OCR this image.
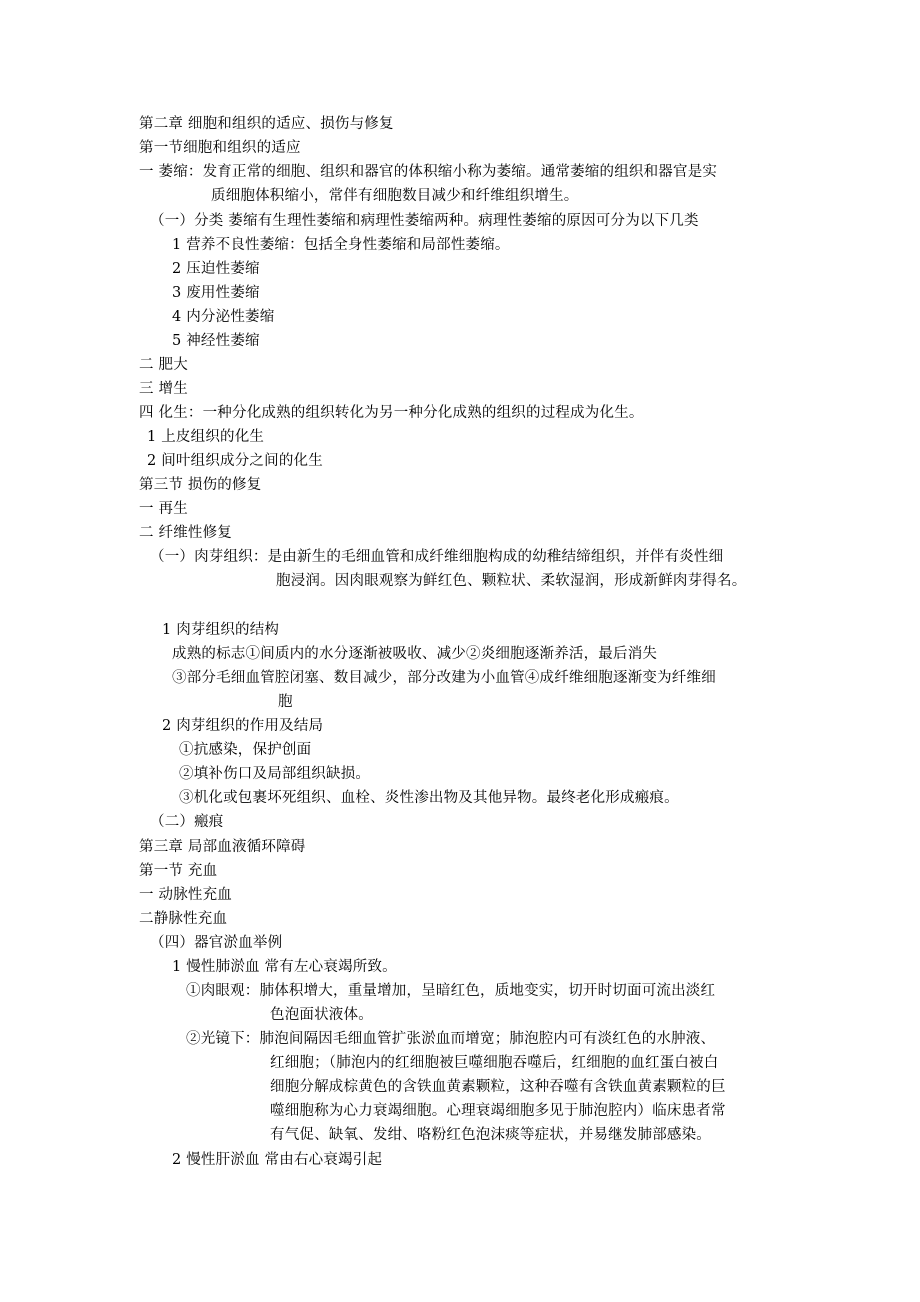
第二章 细胞和组织的适应、损伤与修复
第一节细胞和组织的适应
一 萎缩：发育正常的细胞、组织和器官的体积缩小称为萎缩。通常萎缩的组织和器官是实
质细胞体积缩小，常伴有细胞数目减少和纤维组织增生。
（一）分类 萎缩有生理性萎缩和病理性萎缩两种。病理性萎缩的原因可分为以下几类
1 营养不良性萎缩：包括全身性萎缩和局部性萎缩。
2 压迫性萎缩
3 废用性萎缩
4 内分泌性萎缩
5 神经性萎缩
二 肥大
三 增生
四 化生：一种分化成熟的组织转化为另一种分化成熟的组织的过程成为化生。
1 上皮组织的化生
2 间叶组织成分之间的化生
第三节 损伤的修复
一 再生
二 纤维性修复
（一）肉芽组织：是由新生的毛细血管和成纤维细胞构成的幼稚结缔组织，并伴有炎性细
胞浸润。因肉眼观察为鲜红色、颗粒状、柔软湿润，形成新鲜肉芽得名。
1 肉芽组织的结构
成熟的标志①间质内的水分逐渐被吸收、减少②炎细胞逐渐养活，最后消失
③部分毛细血管腔闭塞、数目减少，部分改建为小血管④成纤维细胞逐渐变为纤维细
胞
2 肉芽组织的作用及结局
①抗感染，保护创面
②填补伤口及局部组织缺损。
③机化或包裹坏死组织、血栓、炎性渗出物及其他异物。最终老化形成瘢痕。
（二）瘢痕
第三章 局部血液循环障碍
第一节 充血
一 动脉性充血
二静脉性充血
（四）器官淤血举例
1 慢性肺淤血 常有左心衰竭所致。
①肉眼观：肺体积增大，重量增加，呈暗红色，质地变实，切开时切面可流出淡红
色泡面状液体。
②光镜下：肺泡间隔因毛细血管扩张淤血而增宽；肺泡腔内可有淡红色的水肿液、
红细胞；（肺泡内的红细胞被巨噬细胞吞噬后，红细胞的血红蛋白被白
细胞分解成棕黄色的含铁血黄素颗粒，这种吞噬有含铁血黄素颗粒的巨
噬细胞称为心力衰竭细胞。心理衰竭细胞多见于肺泡腔内）临床患者常
有气促、缺氧、发绀、咯粉红色泡沫痰等症状，并易继发肺部感染。
2 慢性肝淤血 常由右心衰竭引起
